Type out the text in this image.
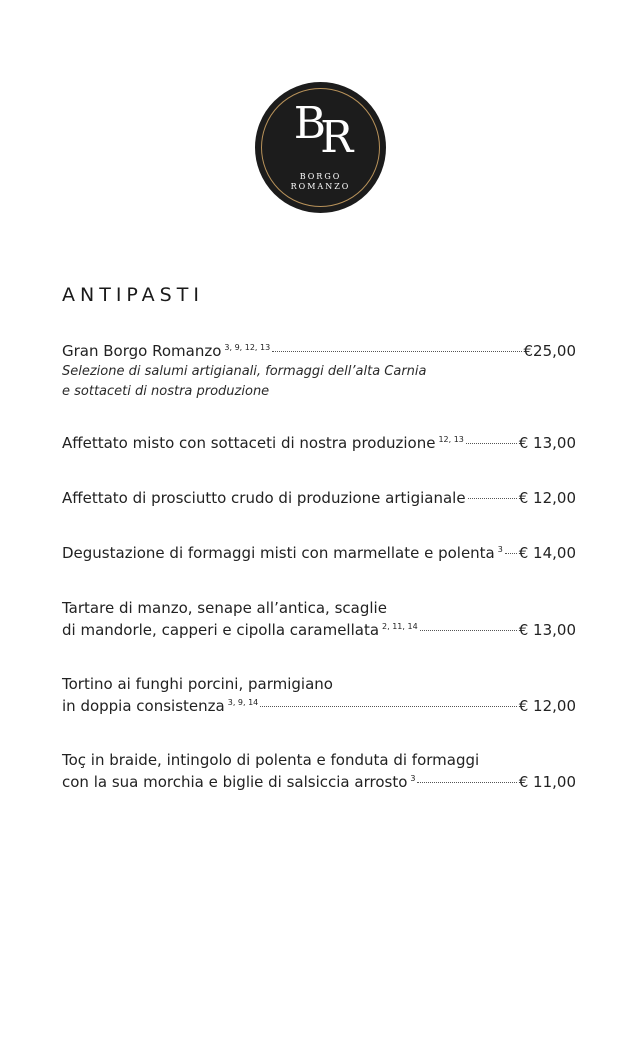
BR
BORGO
ROMANZO
ANTIPASTI
Gran Borgo Romanzo $^{3, 9, 12, 13}$	€25,00
Selezione di salumi artigianali, formaggi dell’alta Carnia
e sottaceti di nostra produzione
Affettato misto con sottaceti di nostra produzione $^{12, 13}$	€ 13,00
Affettato di prosciutto crudo di produzione artigianale	€ 12,00
Degustazione di formaggi misti con marmellate e polenta $^3$ € 14,00
Tartare di manzo, senape all’antica, scaglie
di mandorle, capperi e cipolla caramellata $^{2, 11, 14}$	€ 13,00
Tortino ai funghi porcini, parmigiano
in doppia consistenza $^{3, 9, 14}$	€ 12,00
Toç in braide, intingolo di polenta e fonduta di formaggi
con la sua morchia e biglie di salsiccia arrosto $^3$	€ 11,00
